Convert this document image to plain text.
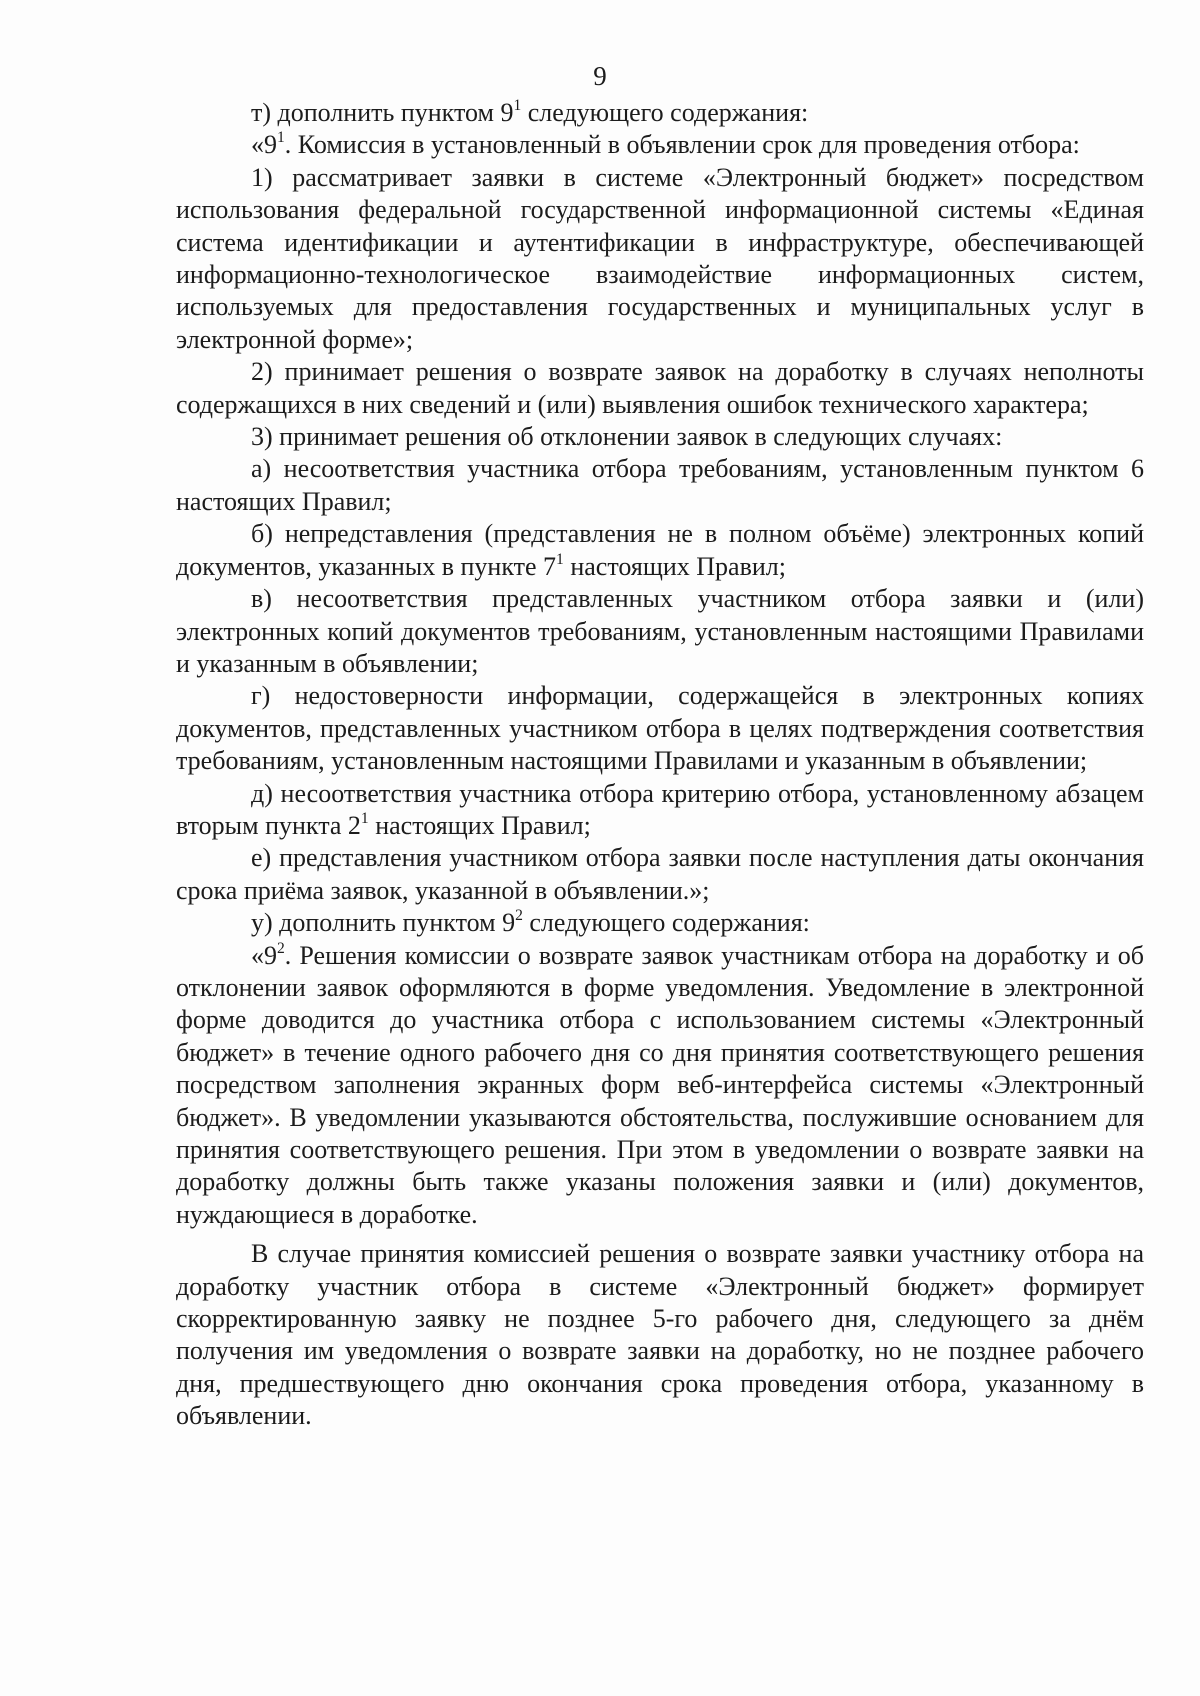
9

т) дополнить пунктом $9^1$ следующего содержания:

«$9^1$. Комиссия в установленный в объявлении срок для проведения отбора:

1) рассматривает заявки в системе «Электронный бюджет» посредством использования федеральной государственной информационной системы «Единая система идентификации и аутентификации в инфраструктуре, обеспечивающей информационно-технологическое взаимодействие информационных систем, используемых для предоставления государственных и муниципальных услуг в электронной форме»;

2) принимает решения о возврате заявок на доработку в случаях неполноты содержащихся в них сведений и (или) выявления ошибок технического характера;

3) принимает решения об отклонении заявок в следующих случаях:

а) несоответствия участника отбора требованиям, установленным пунктом 6 настоящих Правил;

б) непредставления (представления не в полном объёме) электронных копий документов, указанных в пункте $7^1$ настоящих Правил;

в) несоответствия представленных участником отбора заявки и (или) электронных копий документов требованиям, установленным настоящими Правилами и указанным в объявлении;

г) недостоверности информации, содержащейся в электронных копиях документов, представленных участником отбора в целях подтверждения соответствия требованиям, установленным настоящими Правилами и указанным в объявлении;

д) несоответствия участника отбора критерию отбора, установленному абзацем вторым пункта $2^1$ настоящих Правил;

е) представления участником отбора заявки после наступления даты окончания срока приёма заявок, указанной в объявлении.»;

у) дополнить пунктом $9^2$ следующего содержания:

«$9^2$. Решения комиссии о возврате заявок участникам отбора на доработку и об отклонении заявок оформляются в форме уведомления. Уведомление в электронной форме доводится до участника отбора с использованием системы «Электронный бюджет» в течение одного рабочего дня со дня принятия соответствующего решения посредством заполнения экранных форм веб-интерфейса системы «Электронный бюджет». В уведомлении указываются обстоятельства, послужившие основанием для принятия соответствующего решения. При этом в уведомлении о возврате заявки на доработку должны быть также указаны положения заявки и (или) документов, нуждающиеся в доработке.

В случае принятия комиссией решения о возврате заявки участнику отбора на доработку участник отбора в системе «Электронный бюджет» формирует скорректированную заявку не позднее 5-го рабочего дня, следующего за днём получения им уведомления о возврате заявки на доработку, но не позднее рабочего дня, предшествующего дню окончания срока проведения отбора, указанному в объявлении.
